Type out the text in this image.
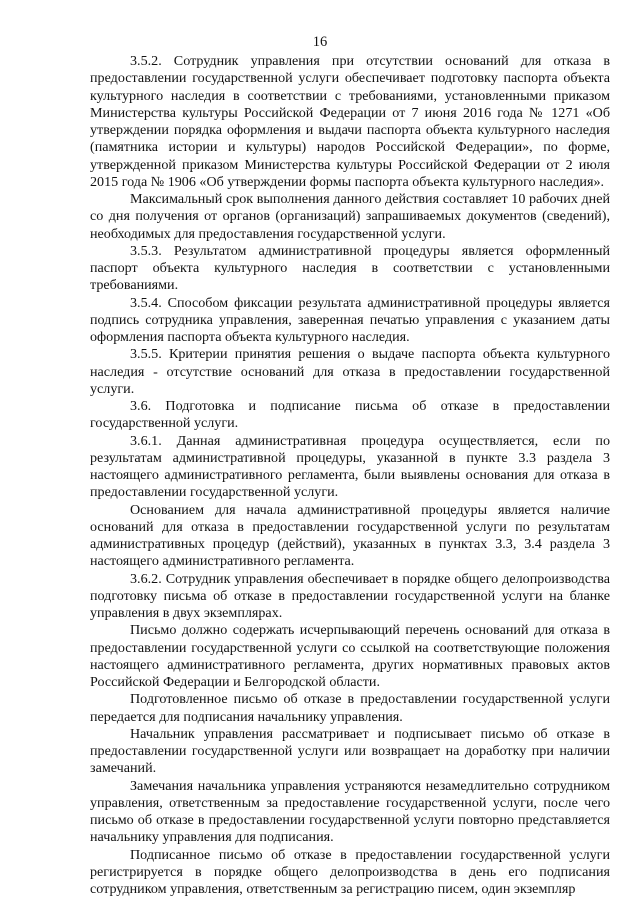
16

3.5.2. Сотрудник управления при отсутствии оснований для отказа в предоставлении государственной услуги обеспечивает подготовку паспорта объекта культурного наследия в соответствии с требованиями, установленными приказом Министерства культуры Российской Федерации от 7 июня 2016 года № 1271 «Об утверждении порядка оформления и выдачи паспорта объекта культурного наследия (памятника истории и культуры) народов Российской Федерации», по форме, утвержденной приказом Министерства культуры Российской Федерации от 2 июля 2015 года № 1906 «Об утверждении формы паспорта объекта культурного наследия».

Максимальный срок выполнения данного действия составляет 10 рабочих дней со дня получения от органов (организаций) запрашиваемых документов (сведений), необходимых для предоставления государственной услуги.

3.5.3. Результатом административной процедуры является оформленный паспорт объекта культурного наследия в соответствии с установленными требованиями.

3.5.4. Способом фиксации результата административной процедуры является подпись сотрудника управления, заверенная печатью управления с указанием даты оформления паспорта объекта культурного наследия.

3.5.5. Критерии принятия решения о выдаче паспорта объекта культурного наследия - отсутствие оснований для отказа в предоставлении государственной услуги.

3.6. Подготовка и подписание письма об отказе в предоставлении государственной услуги.

3.6.1. Данная административная процедура осуществляется, если по результатам административной процедуры, указанной в пункте 3.3 раздела 3 настоящего административного регламента, были выявлены основания для отказа в предоставлении государственной услуги.

Основанием для начала административной процедуры является наличие оснований для отказа в предоставлении государственной услуги по результатам административных процедур (действий), указанных в пунктах 3.3, 3.4 раздела 3 настоящего административного регламента.

3.6.2. Сотрудник управления обеспечивает в порядке общего делопроизводства подготовку письма об отказе в предоставлении государственной услуги на бланке управления в двух экземплярах.

Письмо должно содержать исчерпывающий перечень оснований для отказа в предоставлении государственной услуги со ссылкой на соответствующие положения настоящего административного регламента, других нормативных правовых актов Российской Федерации и Белгородской области.

Подготовленное письмо об отказе в предоставлении государственной услуги передается для подписания начальнику управления.

Начальник управления рассматривает и подписывает письмо об отказе в предоставлении государственной услуги или возвращает на доработку при наличии замечаний.

Замечания начальника управления устраняются незамедлительно сотрудником управления, ответственным за предоставление государственной услуги, после чего письмо об отказе в предоставлении государственной услуги повторно представляется начальнику управления для подписания.

Подписанное письмо об отказе в предоставлении государственной услуги регистрируется в порядке общего делопроизводства в день его подписания сотрудником управления, ответственным за регистрацию писем, один экземпляр
